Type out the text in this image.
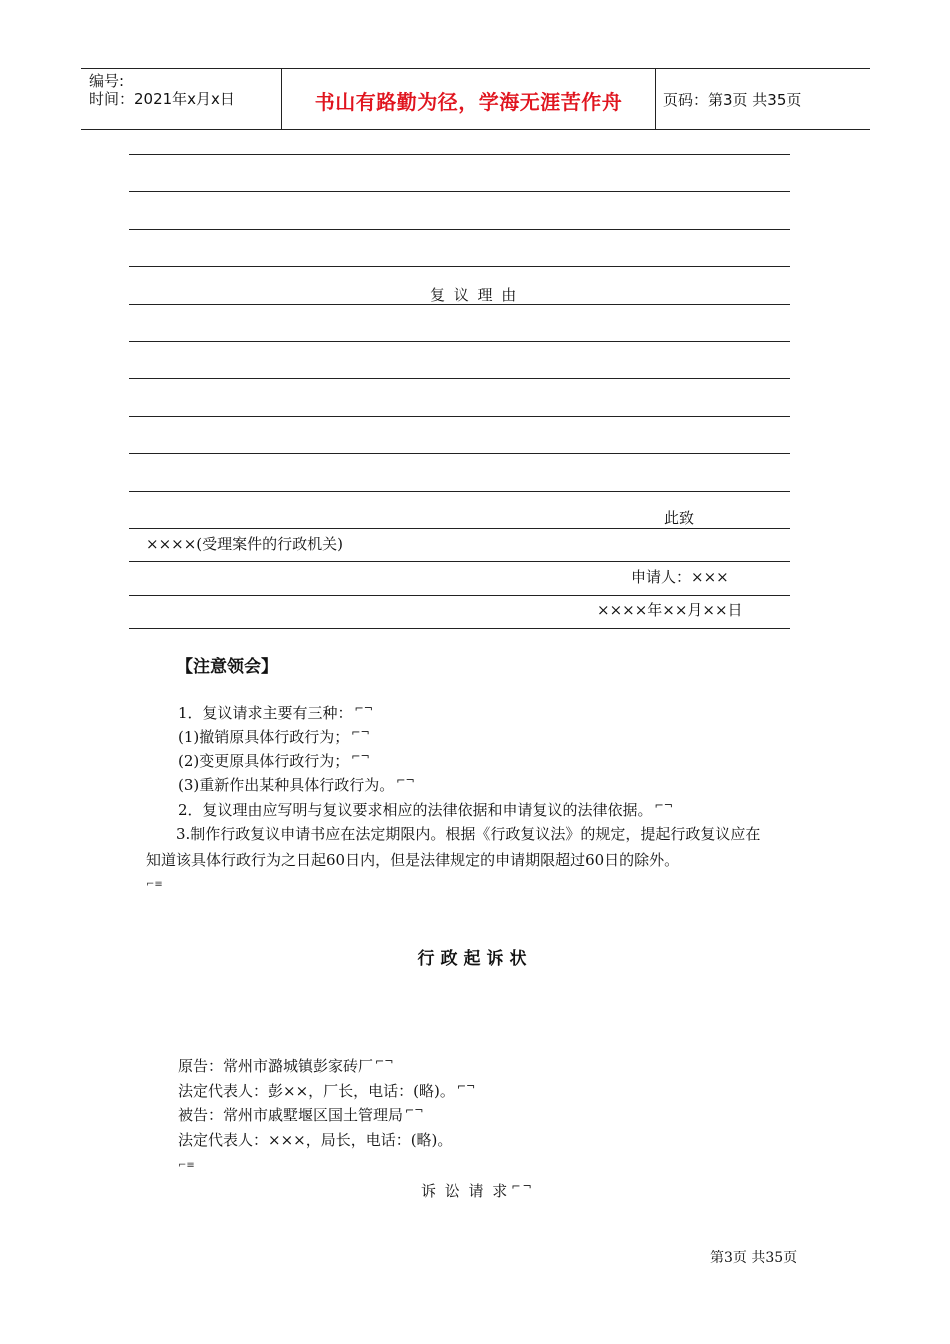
编号:
时间：2021年x月x日	书山有路勤为径，学海无涯苦作舟	页码：第3页 共35页
复 议 理 由
此致
××××(受理案件的行政机关)
申请人：×××
××××年××月××日
【注意领会】
1．复议请求主要有三种： ⌐¬
(1)撤销原具体行政行为； ⌐¬
(2)变更原具体行政行为； ⌐¬
(3)重新作出某种具体行政行为。 ⌐¬
2．复议理由应写明与复议要求相应的法律依据和申请复议的法律依据。 ⌐¬
3.制作行政复议申请书应在法定期限内。根据《行政复议法》的规定，提起行政复议应在
知道该具体行政行为之日起60日内，但是法律规定的申请期限超过60日的除外。
⌐≡
行政起诉状
原告：常州市潞城镇彭家砖厂 ⌐¬
法定代表人：彭××，厂长，电话：(略)。 ⌐¬
被告：常州市戚墅堰区国土管理局 ⌐¬
法定代表人：×××，局长，电话：(略)。
⌐≡
诉 讼 请 求 ⌐¬
第3页 共35页
